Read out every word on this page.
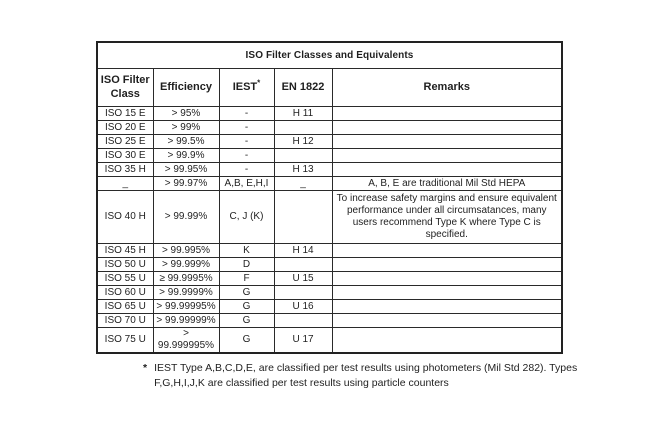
ISO Filter Classes and Equivalents				
ISO Filter Class	Efficiency	IEST*	EN 1822	Remarks
ISO 15 E	> 95%	-	H 11	
ISO 20 E	> 99%	-		
ISO 25 E	> 99.5%	-	H 12	
ISO 30 E	> 99.9%	-		
ISO 35 H	> 99.95%	-	H 13	
_	> 99.97%	A,B, E,H,I	_	A, B, E are traditional Mil Std HEPA
ISO 40 H	> 99.99%	C, J (K)		To increase safety margins and ensure equivalent performance under all circumsatances, many users recommend Type K where Type C is specified.
ISO 45 H	> 99.995%	K	H 14	
ISO 50 U	> 99.999%	D		
ISO 55 U	≥ 99.9995%	F	U 15	
ISO 60 U	> 99.9999%	G		
ISO 65 U	> 99.99995%	G	U 16	
ISO 70 U	> 99.99999%	G		
ISO 75 U	> 99.999995%	G	U 17	
* IEST Type A,B,C,D,E, are classified per test results using photometers (Mil Std 282). Types
F,G,H,I,J,K are classified per test results using particle counters
